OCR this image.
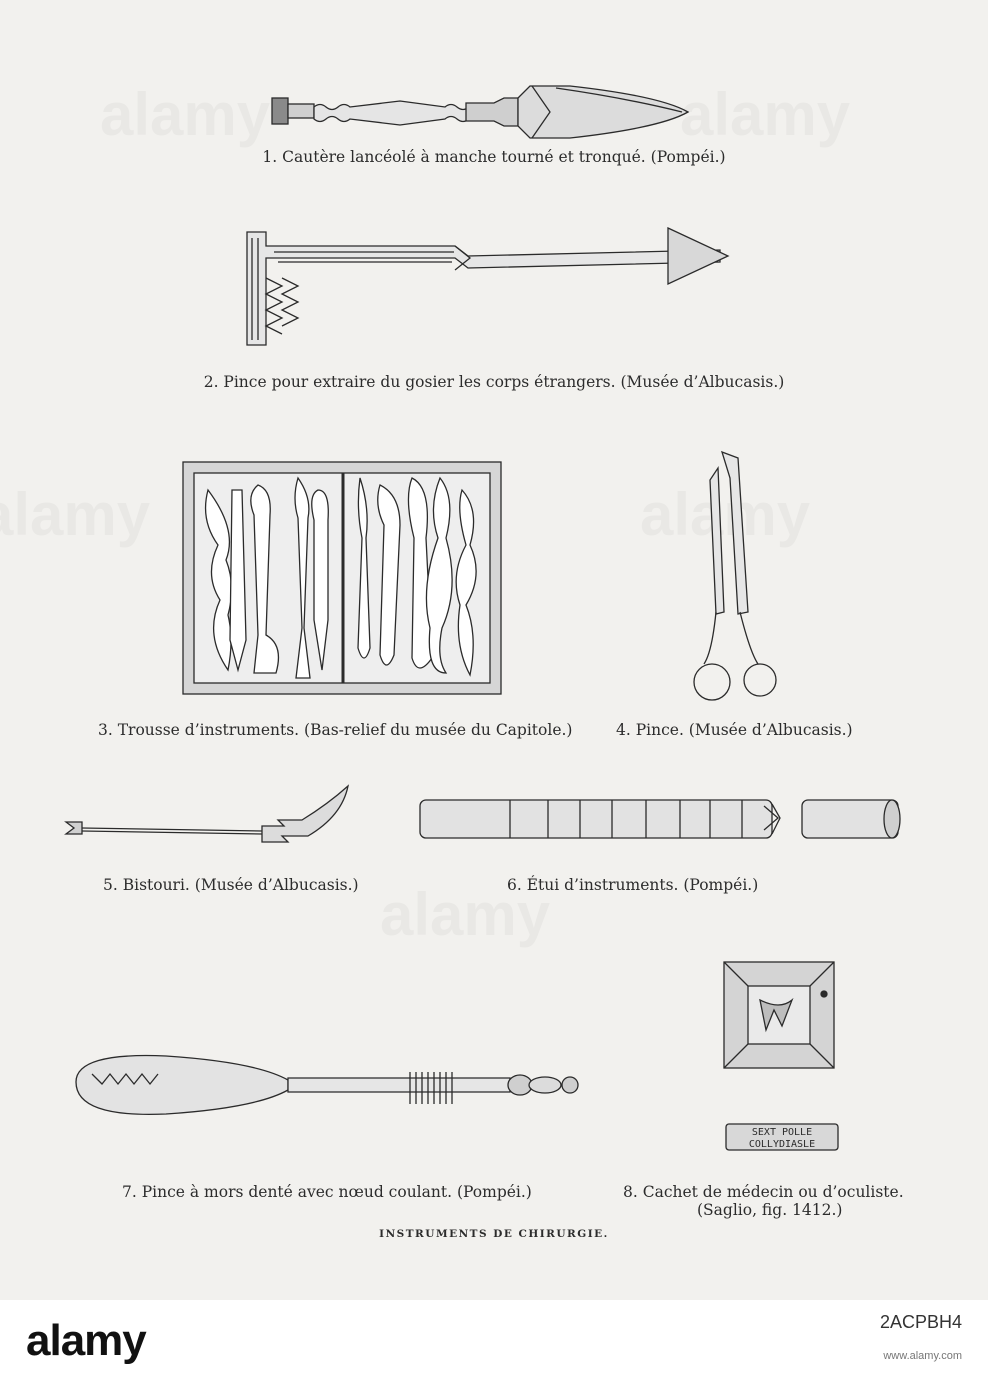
SEXT POLLE
COLLYDIASLE
1. Cautère lancéolé à manche tourné et tronqué. (Pompéi.)
2. Pince pour extraire du gosier les corps étrangers. (Musée d’Albucasis.)
3. Trousse d’instruments. (Bas-relief du musée du Capitole.)	4. Pince. (Musée d’Albucasis.)
5. Bistouri. (Musée d’Albucasis.)	6. Étui d’instruments. (Pompéi.)
7. Pince à mors denté avec nœud coulant. (Pompéi.)	8. Cachet de médecin ou d’oculiste.
(Saglio, fig. 1412.)
INSTRUMENTS DE CHIRURGIE.
alamy	2ACPBH4
www.alamy.com
